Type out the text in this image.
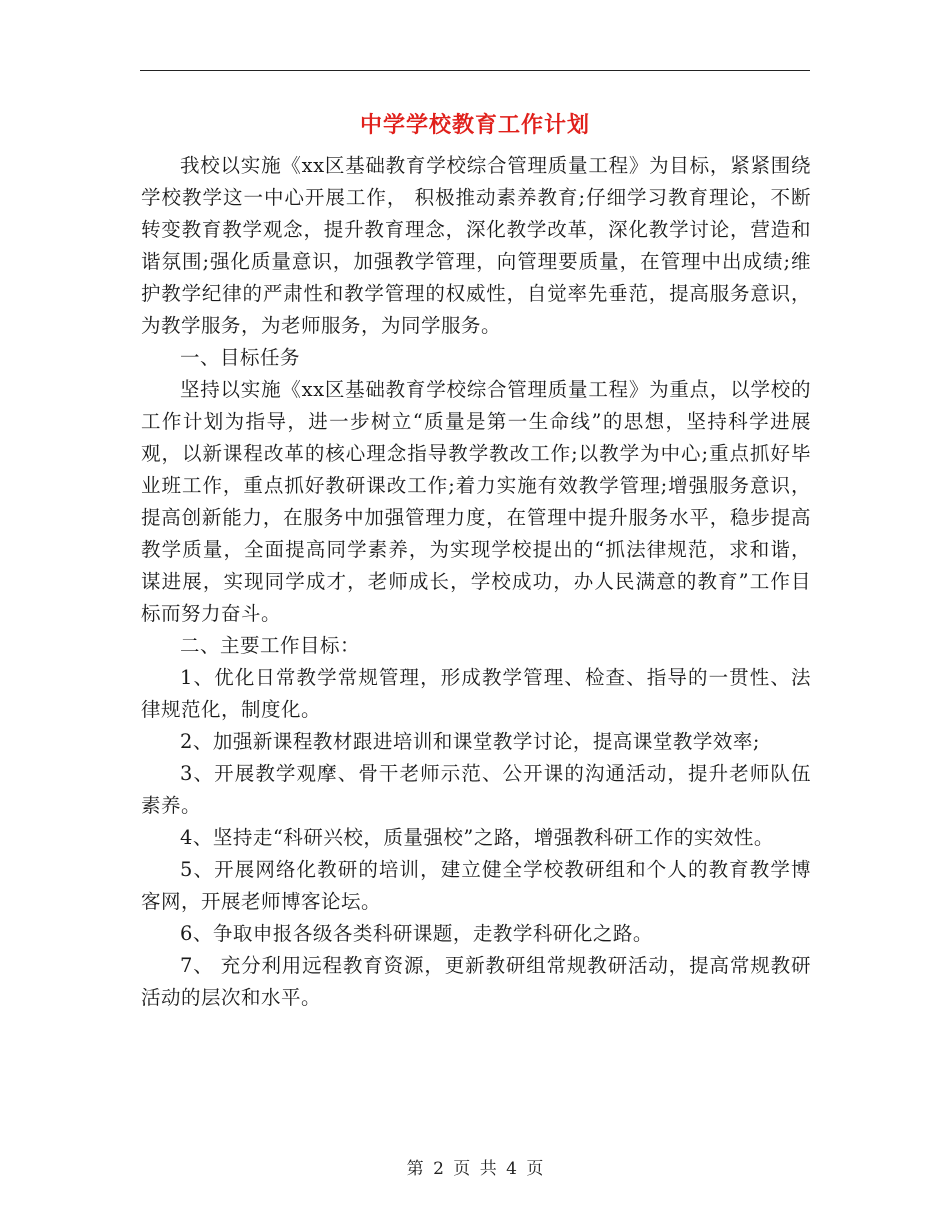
中学学校教育工作计划

我校以实施《xx区基础教育学校综合管理质量工程》为目标，紧紧围绕学校教学这一中心开展工作， 积极推动素养教育;仔细学习教育理论，不断转变教育教学观念，提升教育理念，深化教学改革，深化教学讨论，营造和谐氛围;强化质量意识，加强教学管理，向管理要质量，在管理中出成绩;维护教学纪律的严肃性和教学管理的权威性，自觉率先垂范，提高服务意识，为教学服务，为老师服务，为同学服务。

一、目标任务

坚持以实施《xx区基础教育学校综合管理质量工程》为重点，以学校的工作计划为指导，进一步树立“质量是第一生命线”的思想，坚持科学进展观，以新课程改革的核心理念指导教学教改工作;以教学为中心;重点抓好毕业班工作，重点抓好教研课改工作;着力实施有效教学管理;增强服务意识，提高创新能力，在服务中加强管理力度，在管理中提升服务水平，稳步提高教学质量，全面提高同学素养，为实现学校提出的“抓法律规范，求和谐，谋进展，实现同学成才，老师成长，学校成功，办人民满意的教育”工作目标而努力奋斗。

二、主要工作目标：

1、优化日常教学常规管理，形成教学管理、检查、指导的一贯性、法律规范化，制度化。

2、加强新课程教材跟进培训和课堂教学讨论，提高课堂教学效率;

3、开展教学观摩、骨干老师示范、公开课的沟通活动，提升老师队伍素养。

4、坚持走“科研兴校，质量强校”之路，增强教科研工作的实效性。

5、开展网络化教研的培训，建立健全学校教研组和个人的教育教学博客网，开展老师博客论坛。

6、争取申报各级各类科研课题，走教学科研化之路。

7、 充分利用远程教育资源，更新教研组常规教研活动，提高常规教研活动的层次和水平。

第 2 页 共 4 页
